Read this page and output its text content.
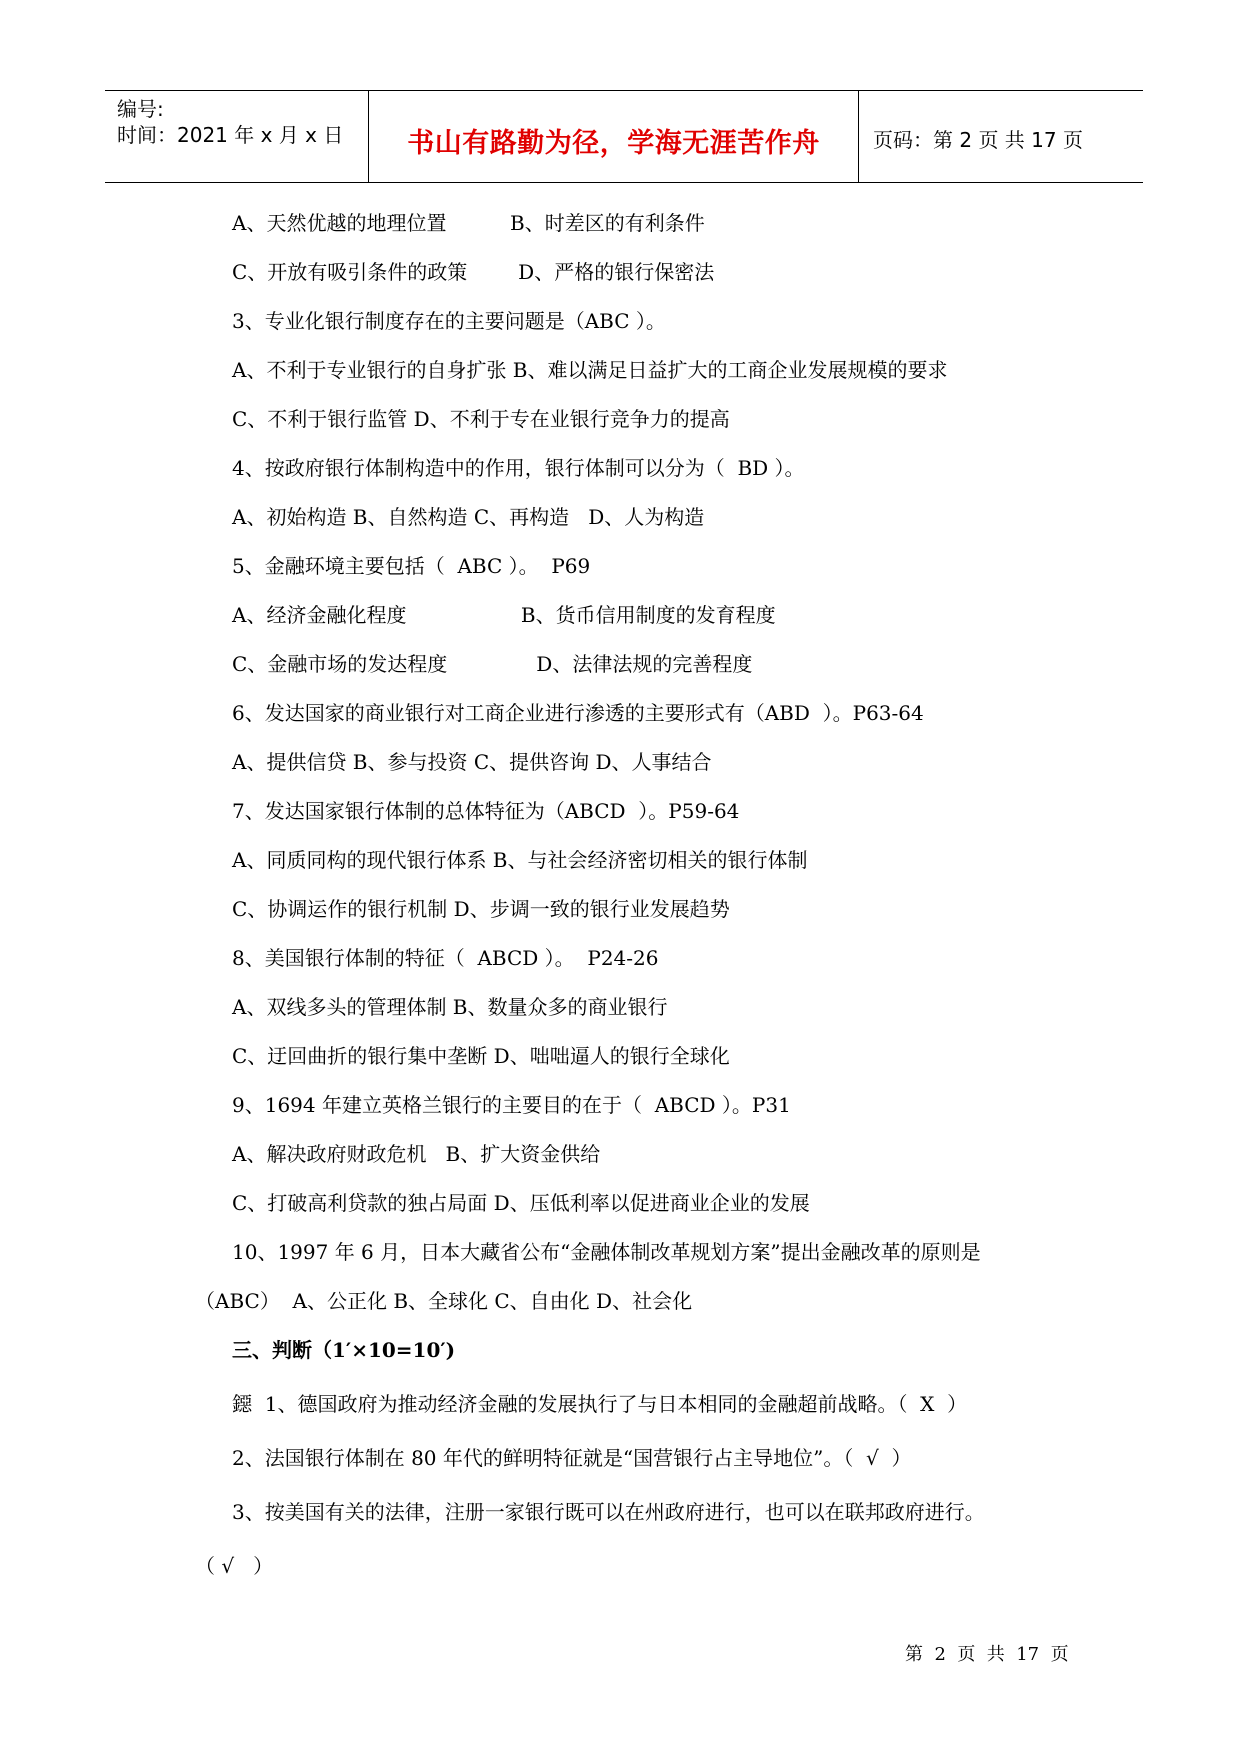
编号:
时间：2021 年 x 月 x 日	书山有路勤为径，学海无涯苦作舟	页码：第 2 页 共 17 页
A、天然优越的地理位置          B、时差区的有利条件
C、开放有吸引条件的政策        D、严格的银行保密法
3、专业化银行制度存在的主要问题是（ABC ）。
A、不利于专业银行的自身扩张 B、难以满足日益扩大的工商企业发展规模的要求
C、不利于银行监管 D、不利于专在业银行竞争力的提高
4、按政府银行体制构造中的作用，银行体制可以分为（  BD ）。
A、初始构造 B、自然构造 C、再构造   D、人为构造
5、金融环境主要包括（  ABC ）。  P69
A、经济金融化程度                  B、货币信用制度的发育程度
C、金融市场的发达程度              D、法律法规的完善程度
6、发达国家的商业银行对工商企业进行渗透的主要形式有（ABD  ）。P63-64
A、提供信贷 B、参与投资 C、提供咨询 D、人事结合
7、发达国家银行体制的总体特征为（ABCD  ）。P59-64
A、同质同构的现代银行体系 B、与社会经济密切相关的银行体制
C、协调运作的银行机制 D、步调一致的银行业发展趋势
8、美国银行体制的特征（  ABCD ）。  P24-26
A、双线多头的管理体制 B、数量众多的商业银行
C、迂回曲折的银行集中垄断 D、咄咄逼人的银行全球化
9、1694 年建立英格兰银行的主要目的在于（  ABCD ）。P31
A、解决政府财政危机   B、扩大资金供给
C、打破高利贷款的独占局面 D、压低利率以促进商业企业的发展
10、1997 年 6 月，日本大藏省公布“金融体制改革规划方案”提出金融改革的原则是
（ABC）  A、公正化 B、全球化 C、自由化 D、社会化
三、判断（1′×10=10′)
鐚  1、德国政府为推动经济金融的发展执行了与日本相同的金融超前战略。（  X  ）
2、法国银行体制在 80 年代的鲜明特征就是“国营银行占主导地位”。（  √  ）
3、按美国有关的法律，注册一家银行既可以在州政府进行，也可以在联邦政府进行。
（ √   ）
第  2  页  共  17  页
